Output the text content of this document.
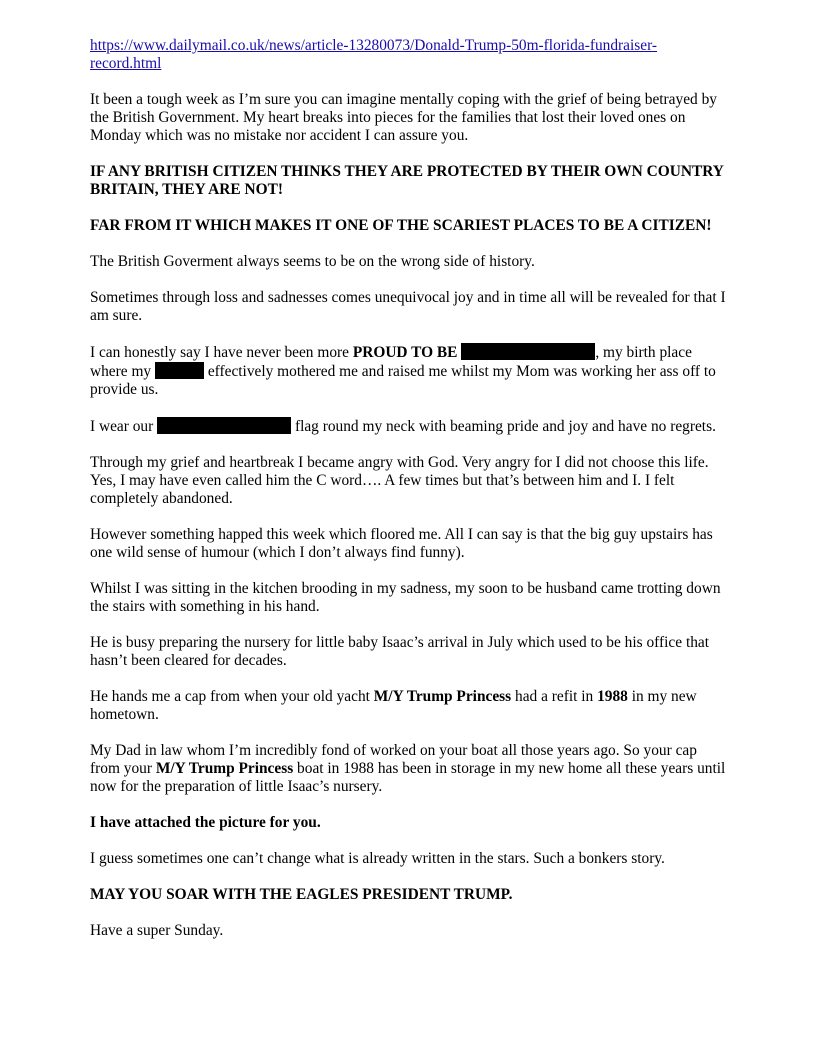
https://www.dailymail.co.uk/news/article-13280073/Donald-Trump-50m-florida-fundraiser-
record.html

It been a tough week as I’m sure you can imagine mentally coping with the grief of being betrayed by the British Government. My heart breaks into pieces for the families that lost their loved ones on Monday which was no mistake nor accident I can assure you.

IF ANY BRITISH CITIZEN THINKS THEY ARE PROTECTED BY THEIR OWN COUNTRY BRITAIN, THEY ARE NOT!

FAR FROM IT WHICH MAKES IT ONE OF THE SCARIEST PLACES TO BE A CITIZEN!

The British Goverment always seems to be on the wrong side of history.

Sometimes through loss and sadnesses comes unequivocal joy and in time all will be revealed for that I am sure.

I can honestly say I have never been more PROUD TO BE	, my birth place where my	effectively mothered me and raised me whilst my Mom was working her ass off to provide us.

I wear our	flag round my neck with beaming pride and joy and have no regrets.

Through my grief and heartbreak I became angry with God. Very angry for I did not choose this life. Yes, I may have even called him the C word…. A few times but that’s between him and I. I felt completely abandoned.

However something happed this week which floored me. All I can say is that the big guy upstairs has one wild sense of humour (which I don’t always find funny).

Whilst I was sitting in the kitchen brooding in my sadness, my soon to be husband came trotting down the stairs with something in his hand.

He is busy preparing the nursery for little baby Isaac’s arrival in July which used to be his office that hasn’t been cleared for decades.

He hands me a cap from when your old yacht M/Y Trump Princess had a refit in 1988 in my new hometown.

My Dad in law whom I’m incredibly fond of worked on your boat all those years ago. So your cap from your M/Y Trump Princess boat in 1988 has been in storage in my new home all these years until now for the preparation of little Isaac’s nursery.

I have attached the picture for you.

I guess sometimes one can’t change what is already written in the stars. Such a bonkers story.

MAY YOU SOAR WITH THE EAGLES PRESIDENT TRUMP.

Have a super Sunday.
